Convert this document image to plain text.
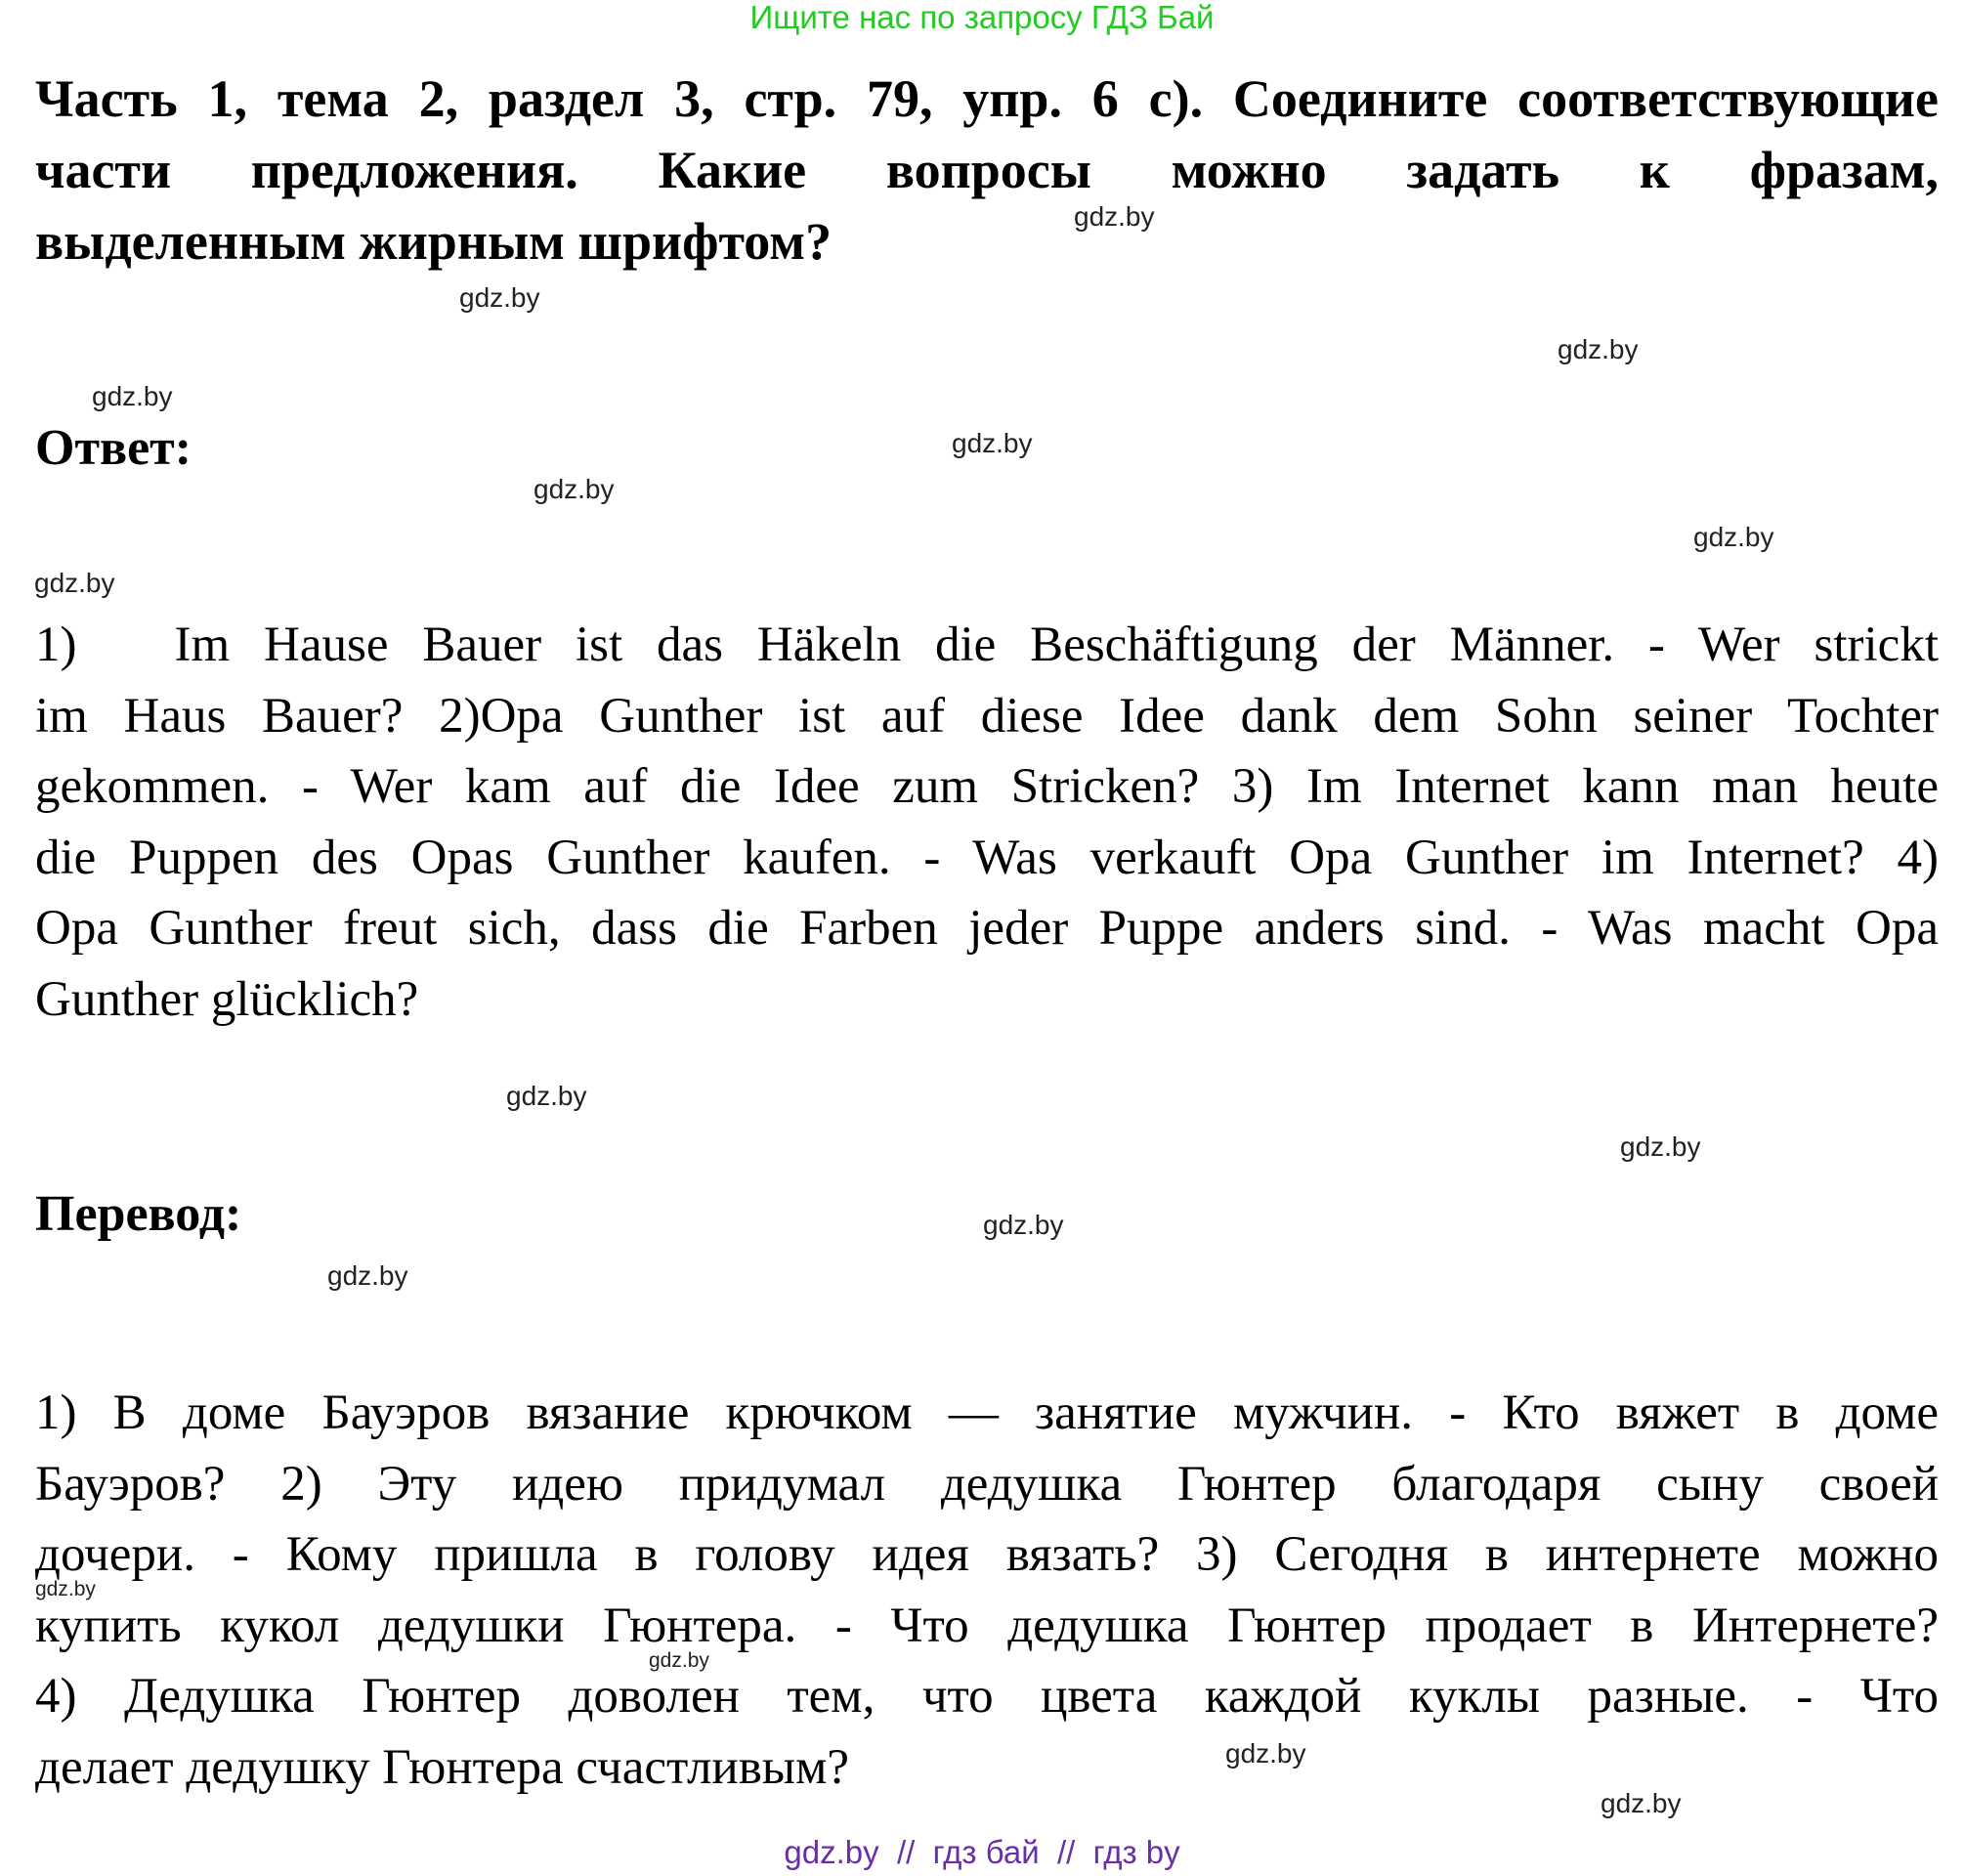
Ищите нас по запросу ГДЗ Бай
Часть 1, тема 2, раздел 3, стр. 79, упр. 6 с). Соедините соответствующие
части предложения. Какие вопросы можно задать к фразам,
выделенным жирным шрифтом?
Ответ:
1) Im Hause Bauer ist das Häkeln die Beschäftigung der Männer. - Wer strickt
im Haus Bauer? 2)Opa Gunther ist auf diese Idee dank dem Sohn seiner Tochter
gekommen. - Wer kam auf die Idee zum Stricken? 3) Im Internet kann man heute
die Puppen des Opas Gunther kaufen. - Was verkauft Opa Gunther im Internet? 4)
Opa Gunther freut sich, dass die Farben jeder Puppe anders sind. - Was macht Opa
Gunther glücklich?
Перевод:
1) В доме Бауэров вязание крючком — занятие мужчин. - Кто вяжет в доме
Бауэров? 2) Эту идею придумал дедушка Гюнтер благодаря сыну своей
дочери. - Кому пришла в голову идея вязать? 3) Сегодня в интернете можно
купить кукол дедушки Гюнтера. - Что дедушка Гюнтер продает в Интернете?
4) Дедушка Гюнтер доволен тем, что цвета каждой куклы разные. - Что
делает дедушку Гюнтера счастливым?
gdz.by
gdz.by
gdz.by
gdz.by
gdz.by
gdz.by
gdz.by
gdz.by
gdz.by
gdz.by
gdz.by
gdz.by
gdz.by
gdz.by
gdz.by
gdz.by
gdz.by  //  гдз бай  //  гдз by
